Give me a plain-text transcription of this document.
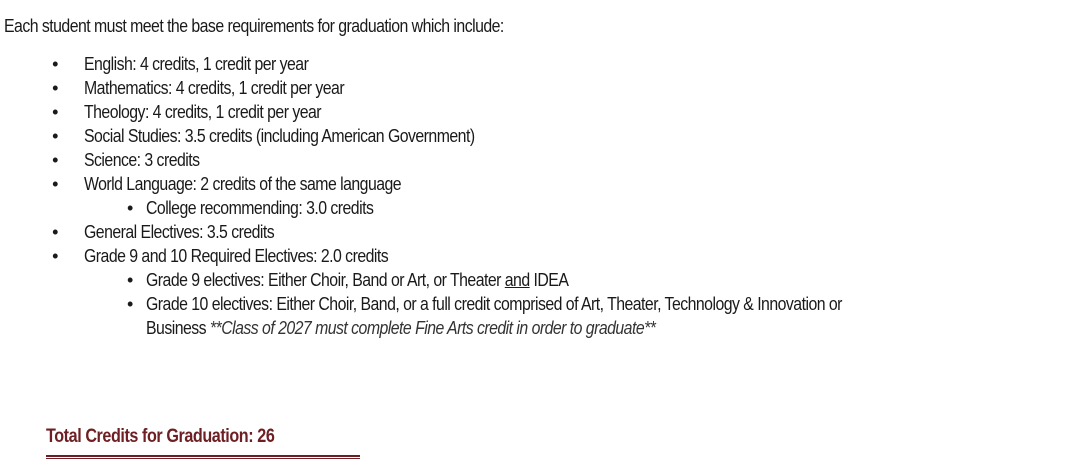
Each student must meet the base requirements for graduation which include:
• English: 4 credits, 1 credit per year
• Mathematics: 4 credits, 1 credit per year
• Theology: 4 credits, 1 credit per year
• Social Studies: 3.5 credits (including American Government)
• Science: 3 credits
• World Language: 2 credits of the same language
• College recommending: 3.0 credits
• General Electives: 3.5 credits
• Grade 9 and 10 Required Electives: 2.0 credits
• Grade 9 electives: Either Choir, Band or Art, or Theater and IDEA
• Grade 10 electives: Either Choir, Band, or a full credit comprised of Art, Theater, Technology & Innovation or
Business **Class of 2027 must complete Fine Arts credit in order to graduate**
Total Credits for Graduation: 26
